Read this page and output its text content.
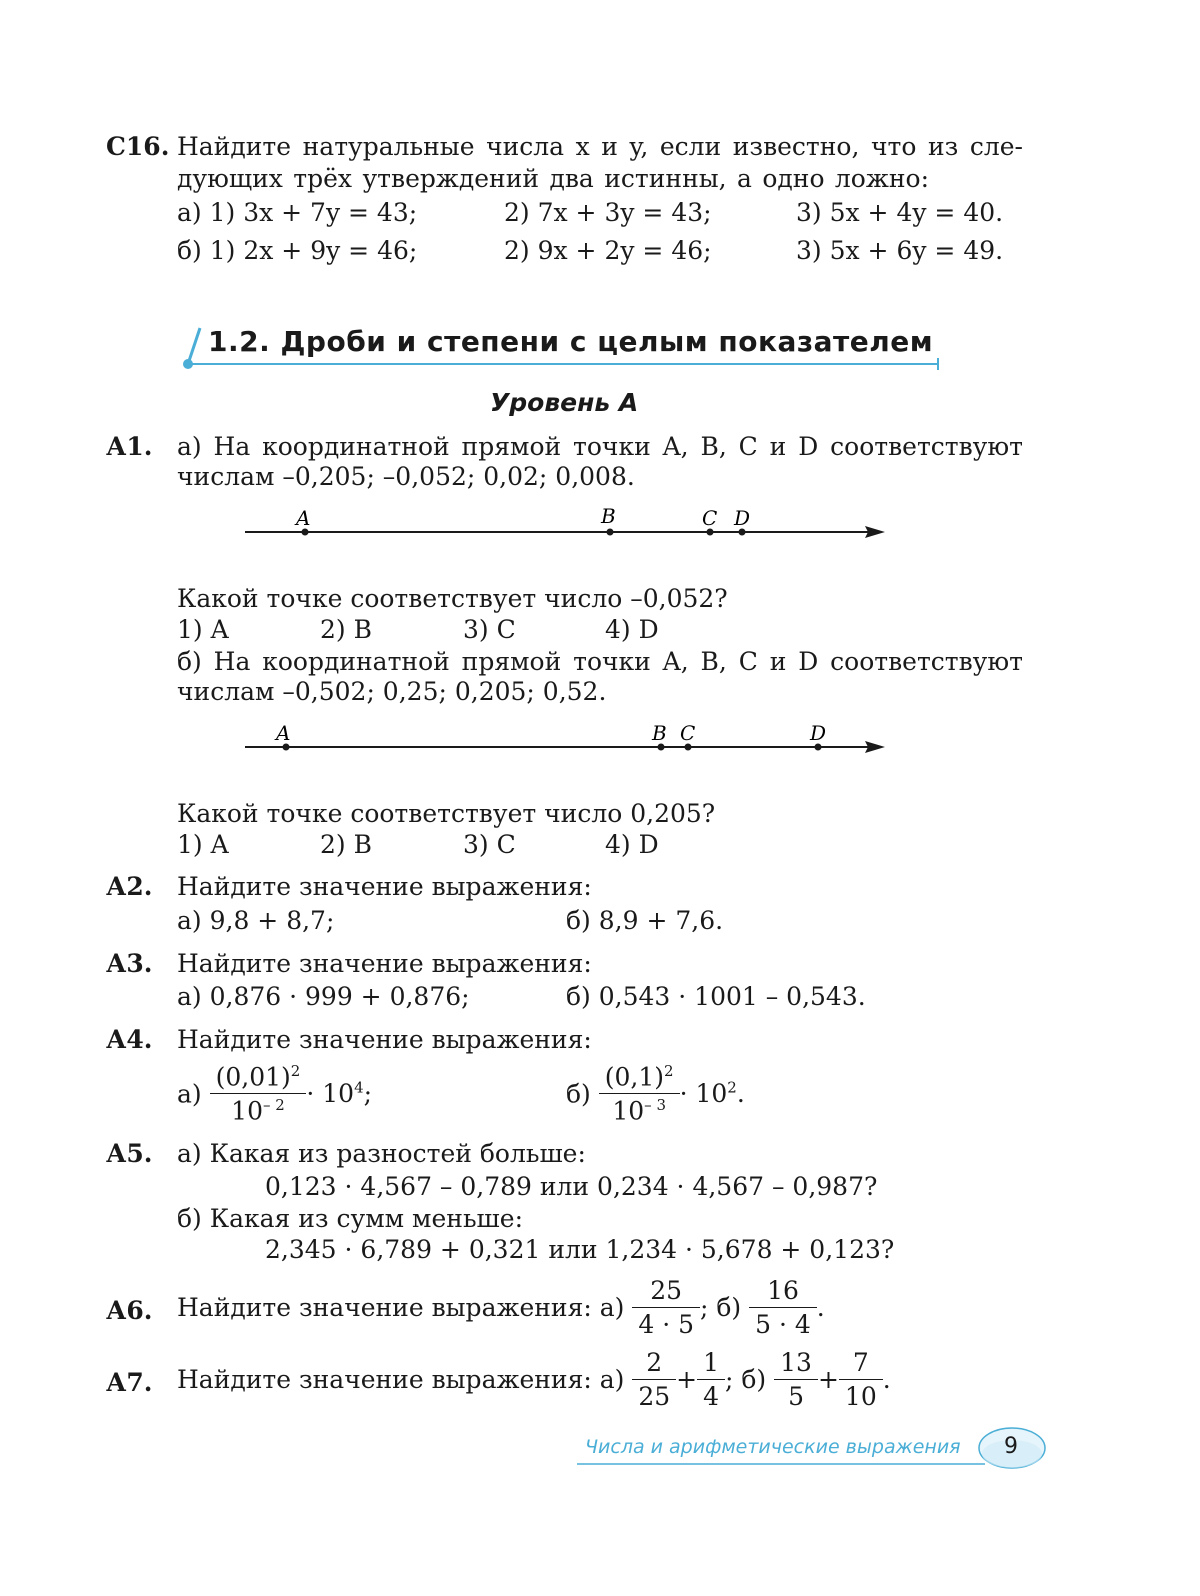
С16. Найдите натуральные числа x и y, если известно, что из сле-
дующих трёх утверждений два истинны, а одно ложно:
а) 1) 3x + 7y = 43;	2) 7x + 3y = 43;	3) 5x + 4y = 40.
б) 1) 2x + 9y = 46;	2) 9x + 2y = 46;	3) 5x + 6y = 49.
1.2. Дроби и степени с целым показателем
Уровень А
А1. а) На координатной прямой точки A, B, C и D соответствуют
числам –0,205; –0,052; 0,02; 0,008.
A	B	C D
Какой точке соответствует число –0,052?
1) A	2) B	3) C	4) D
б) На координатной прямой точки A, B, C и D соответствуют
числам –0,502; 0,25; 0,205; 0,52.
A	B C	D
Какой точке соответствует число 0,205?
1) A	2) B	3) C	4) D
А2. Найдите значение выражения:
а) 9,8 + 8,7;	б) 8,9 + 7,6.
А3. Найдите значение выражения:
а) 0,876 · 999 + 0,876;	б) 0,543 · 1001 – 0,543.
А4. Найдите значение выражения:
$а) \frac{(0,01)^2}{10^{- 2}} \cdot 10^4$;	$б) \frac{(0,1)^2}{10^{- 3}} \cdot 10^2$.
А5. а) Какая из разностей больше:
0,123 · 4,567 – 0,789 или 0,234 · 4,567 – 0,987?
б) Какая из сумм меньше:
2,345 · 6,789 + 0,321 или 1,234 · 5,678 + 0,123?
А6. Найдите значение выражения: $а) \frac{25}{4 \cdot 5}$ ; $б) \frac{16}{5 \cdot 4}$ .
А7. Найдите значение выражения: $а) \frac{2}{25} + \frac{1}{4}$ ; $б) \frac{13}{5} + \frac{7}{10}$ .
Числа и арифметические выражения 9
